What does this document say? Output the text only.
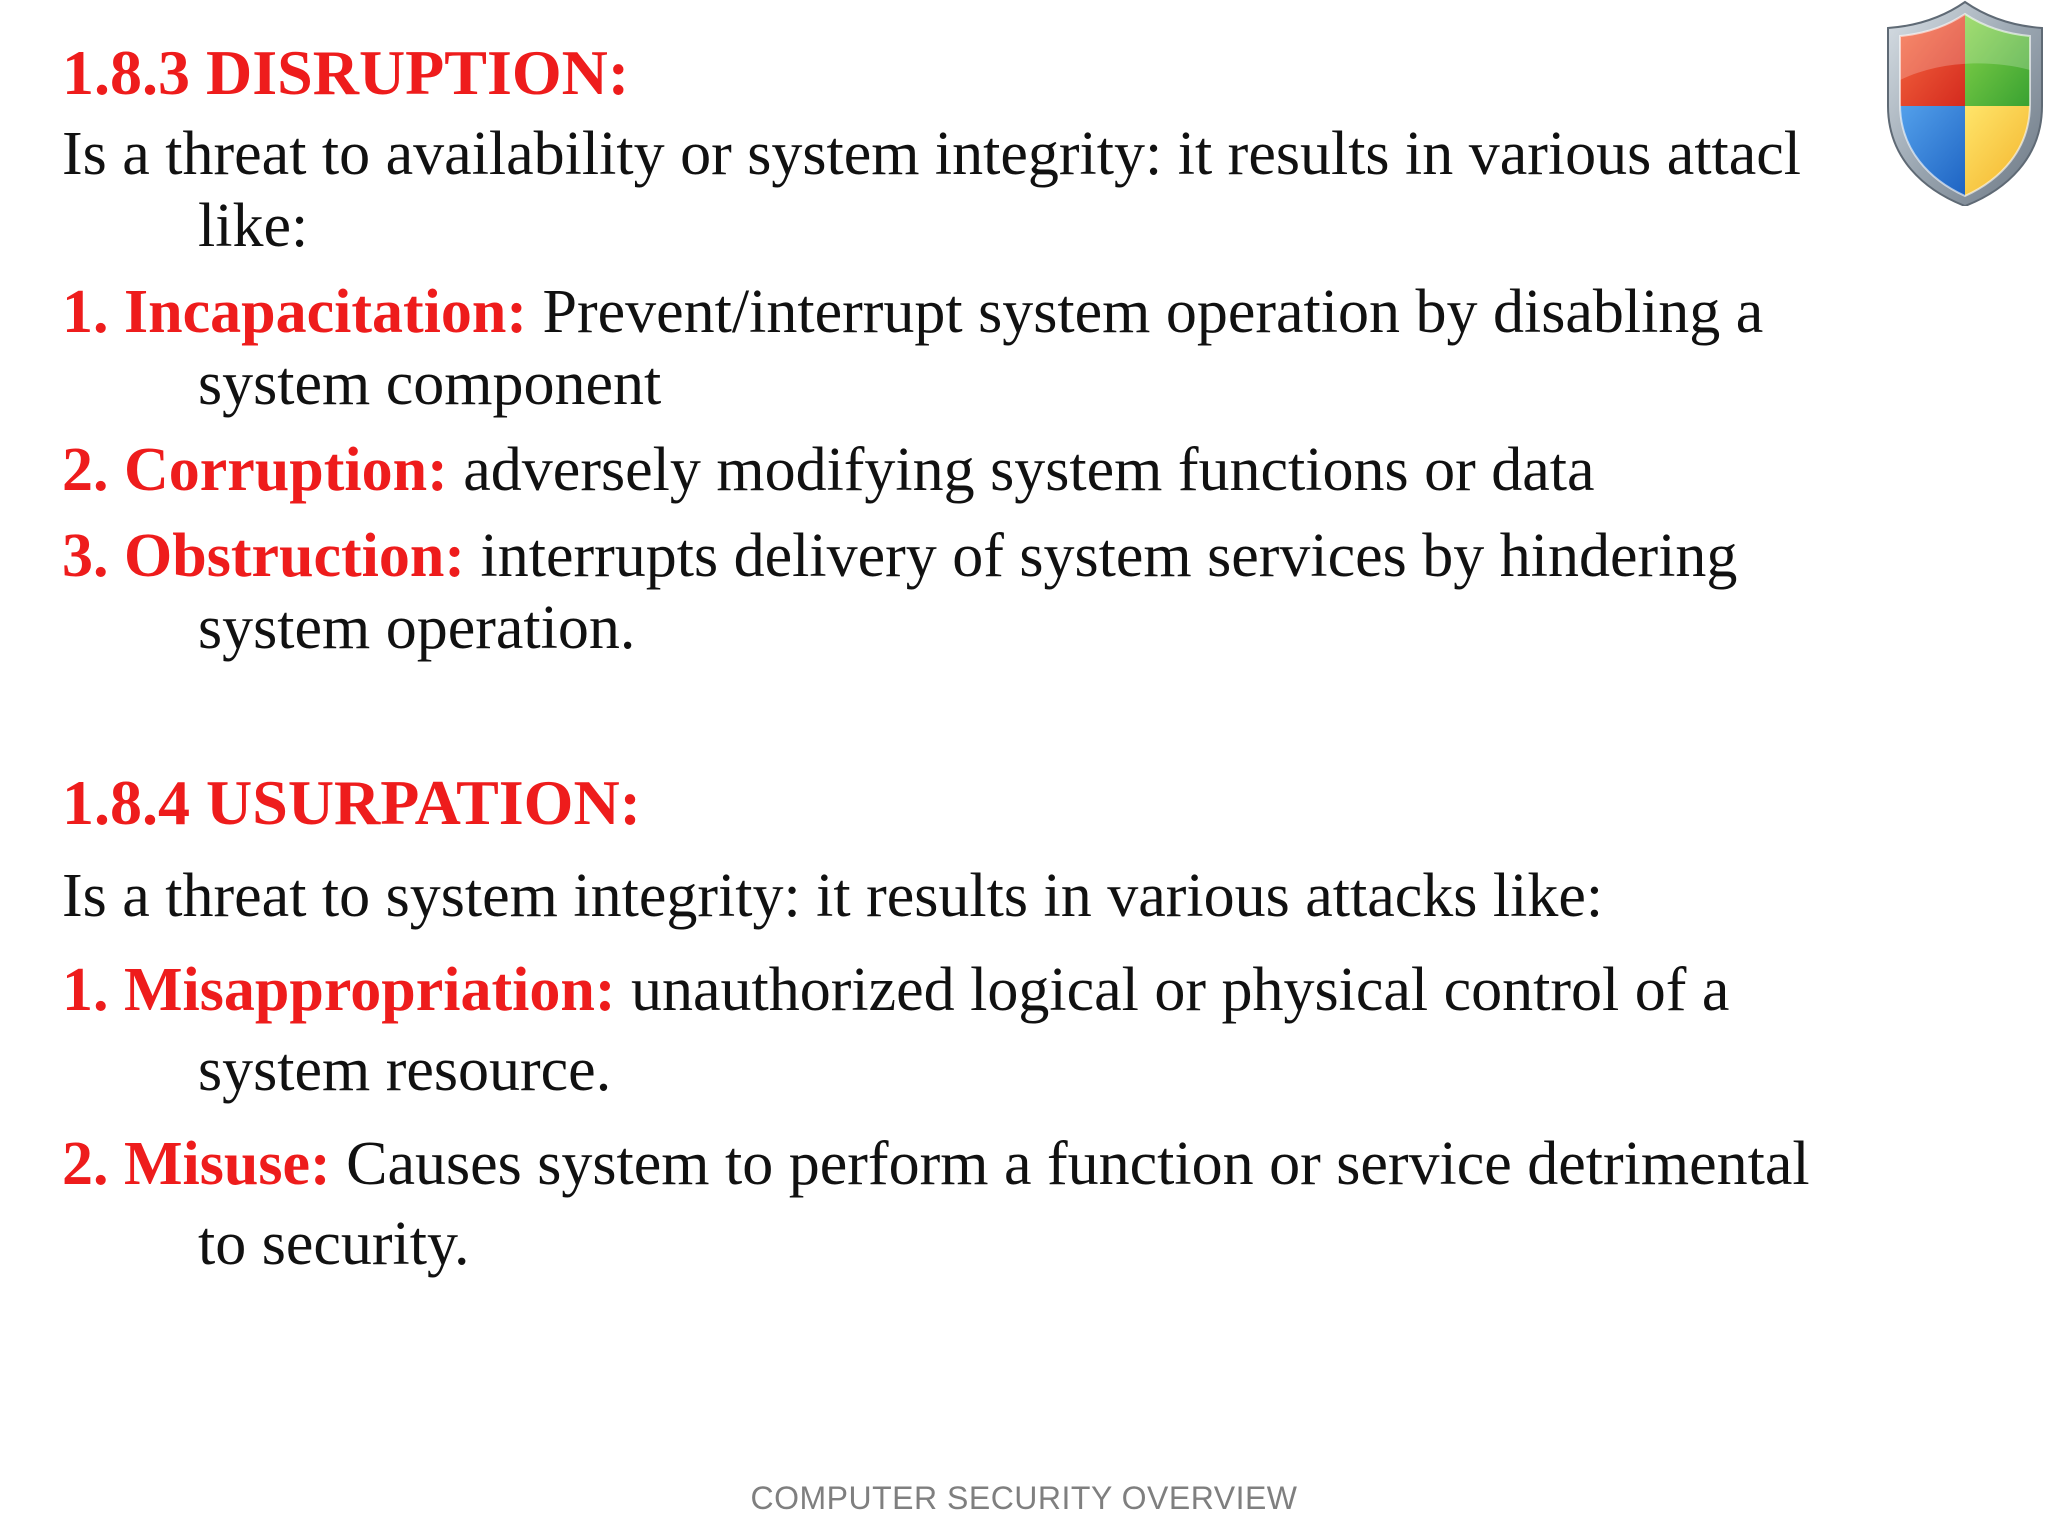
1.8.3 DISRUPTION:
Is a threat to availability or system integrity: it results in various attacl
like:
1. Incapacitation: Prevent/interrupt system operation by disabling a
system component
2. Corruption: adversely modifying system functions or data
3. Obstruction: interrupts delivery of system services by hindering
system operation.
1.8.4 USURPATION:
Is a threat to system integrity: it results in various attacks like:
1. Misappropriation: unauthorized logical or physical control of a
system resource.
2. Misuse: Causes system to perform a function or service detrimental
to security.
COMPUTER SECURITY OVERVIEW
